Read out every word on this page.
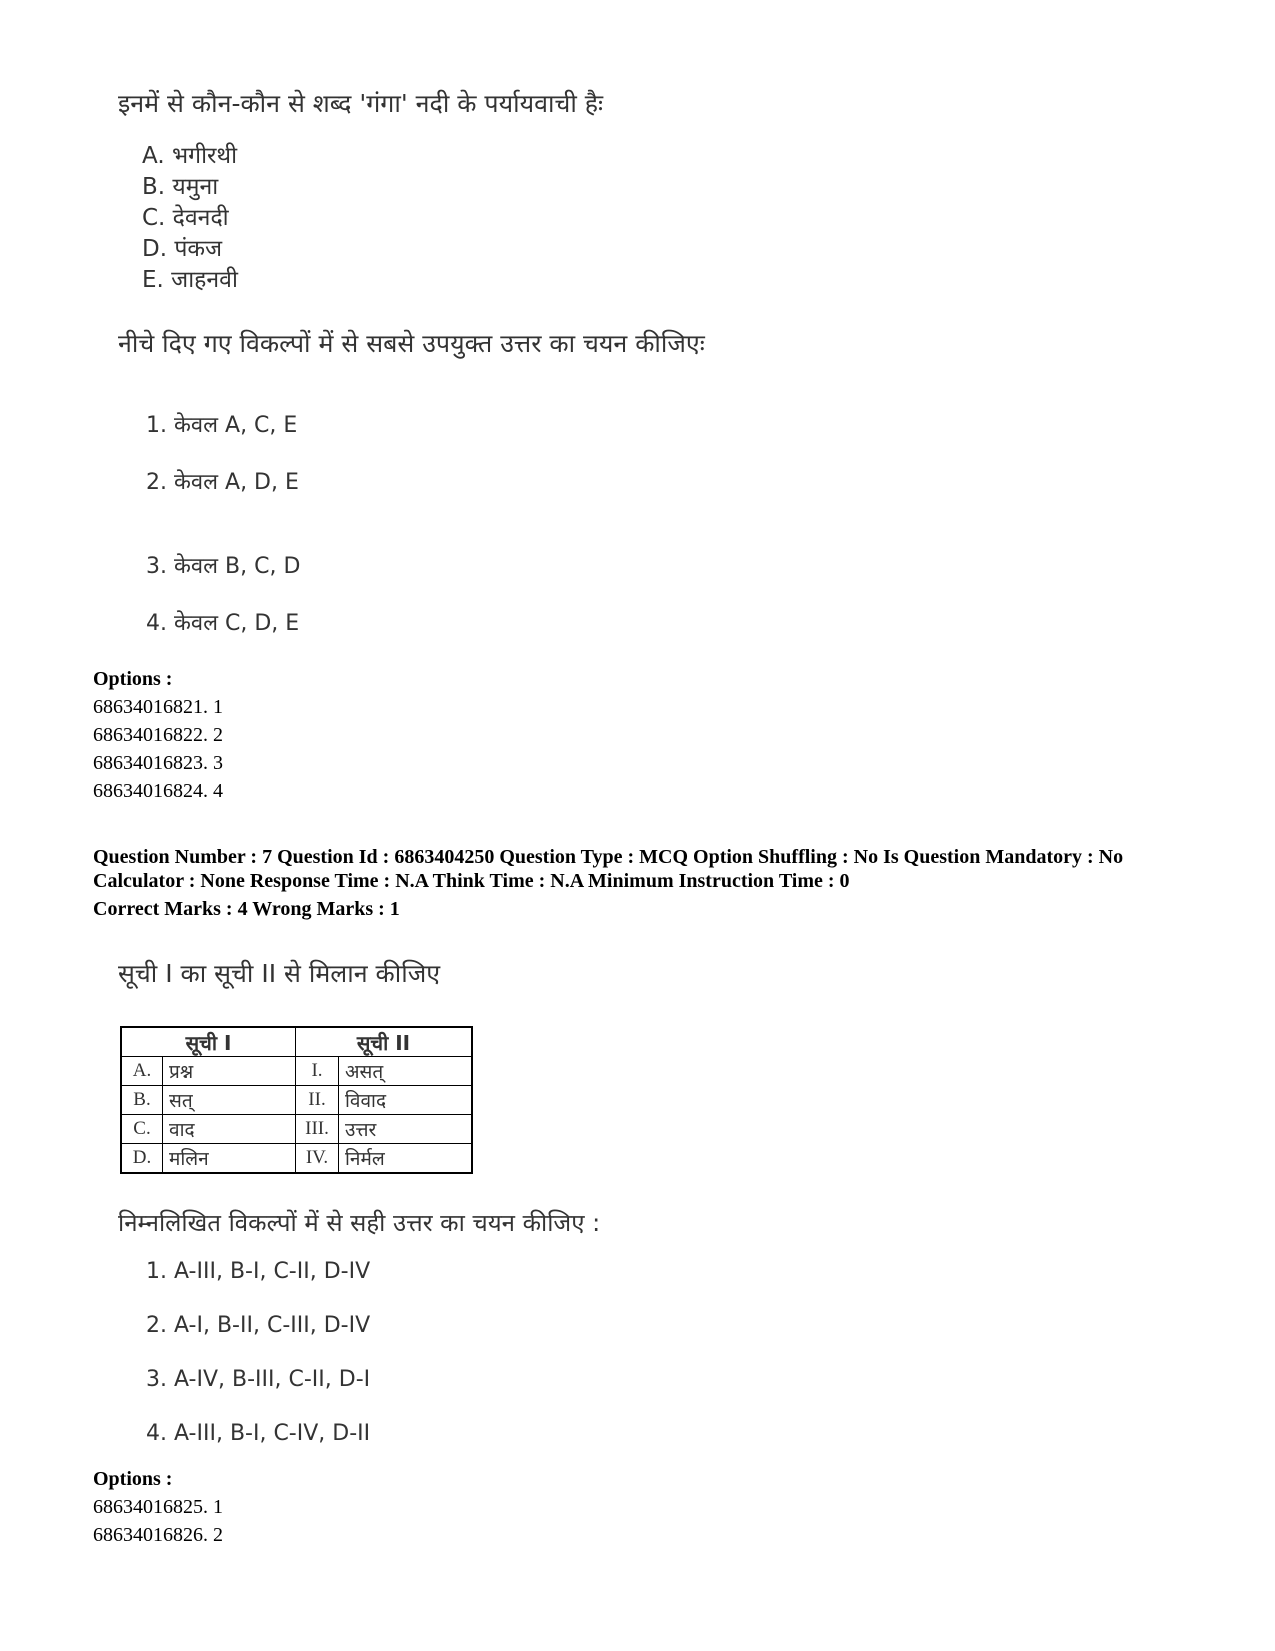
इनमें से कौन-कौन से शब्द 'गंगा' नदी के पर्यायवाची हैः
A. भगीरथी
B. यमुना
C. देवनदी
D. पंकज
E. जाहनवी
नीचे दिए गए विकल्पों में से सबसे उपयुक्त उत्तर का चयन कीजिएः
1. केवल A, C, E
2. केवल A, D, E
3. केवल B, C, D
4. केवल C, D, E
Options :
68634016821. 1
68634016822. 2
68634016823. 3
68634016824. 4
Question Number : 7 Question Id : 6863404250 Question Type : MCQ Option Shuffling : No Is Question Mandatory : No
Calculator : None Response Time : N.A Think Time : N.A Minimum Instruction Time : 0
Correct Marks : 4 Wrong Marks : 1
सूची I का सूची II से मिलान कीजिए
सूची I		सूची II	
A.	प्रश्न	I.	असत्
B.	सत्	II.	विवाद
C.	वाद	III.	उत्तर
D.	मलिन	IV.	निर्मल
निम्नलिखित विकल्पों में से सही उत्तर का चयन कीजिए :
1. A-III, B-I, C-II, D-IV
2. A-I, B-II, C-III, D-IV
3. A-IV, B-III, C-II, D-I
4. A-III, B-I, C-IV, D-II
Options :
68634016825. 1
68634016826. 2
